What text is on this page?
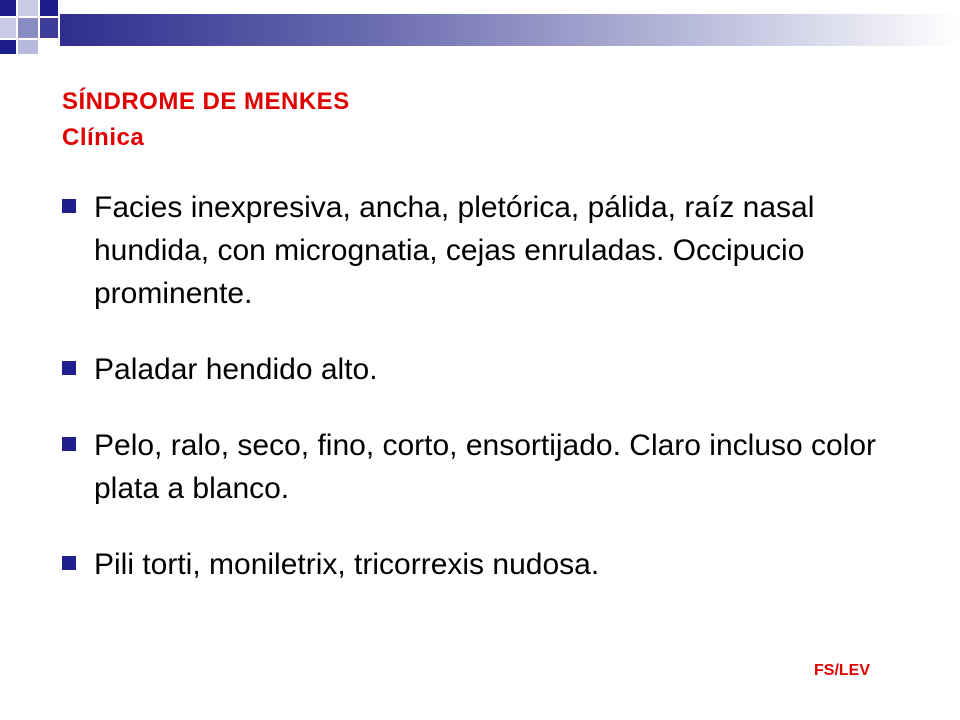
SÍNDROME DE MENKES
Clínica
Facies inexpresiva, ancha, pletórica, pálida, raíz nasal hundida, con micrognatia, cejas enruladas. Occipucio prominente.
Paladar hendido alto.
Pelo, ralo, seco, fino, corto, ensortijado. Claro incluso color plata a blanco.
Pili torti, moniletrix, tricorrexis nudosa.
FS/LEV
